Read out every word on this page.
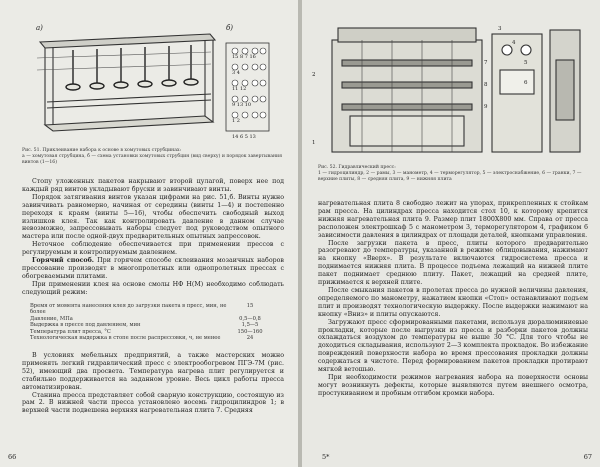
а)	б)
15 8 7 16
3 4
11 12
9 13 10
1 2
14 6 5 13
Рис. 51. Приклеивание набора к основе в хомутовых струбцинах:
а — хомутовая струбцина, б — схема установки хомутовых струбцин (вид сверху) и порядок завертывания винтов (1—16)

Стопу уложенных пакетов накрывают второй цулагой, поверх нее под каждый ряд винтов укладывают бруски и завинчивают винты.

Порядок затягивания винтов указан цифрами на рис. 51,б. Винты нужно завинчивать равномерно, начиная от середины (винты 1—4) и постепенно переходя к краям (винты 5—16), чтобы обеспечить свободный выход излишков клея. Так как контролировать давление в данном случае невозможно, запрессовывать наборы следует под руководством опытного мастера или после одной-двух предварительных опытных запрессовок.

Неточное соблюдение обеспечивается при применении прессов с регулируемым и контролируемым давлением.

Горячий способ. При горячем способе склеивания мозаичных наборов прессование производят в многопролетных или однопролетных прессах с обогреваемыми плитами.

При применении клея на основе смолы НФ Н(М) необходимо соблюдать следующий режим:

Время от момента нанесения клея до загрузки пакета в пресс, мин, не более	15
Давление, МПа	0,5—0,8
Выдержка в прессе под давлением, мин	1,5—5
Температура плит пресса, °С	150—160
Технологическая выдержка в стопе после распрессовки, ч, не менее	24

В условиях мебельных предприятий, а также мастерских можно применять легкий гидравлический пресс с электрообогревом ПГЭ-7М (рис. 52), имеющий два просвета. Температура нагрева плит регулируется и стабильно поддерживается на заданном уровне. Весь цикл работы пресса автоматизирован.

Станина пресса представляет собой сварную конструкцию, состоящую из рам 2. В нижней части пресса установлено восемь гидроцилиндров 1; в верхней части подвешена верхняя нагревательная плита 7. Средняя

66
2
1
3
4
5
6
7
8
9
Рис. 52. Гидравлический пресс:
1 — гидроцилиндр, 2 — рамы, 3 — манометр, 4 — терморегулятор, 5 — электроснабжение, 6 — гранки, 7 — верхние плиты, 8 — средняя плита, 9 — нижняя плита

нагревательная плита 8 свободно лежит на упорах, прикрепленных к стойкам рам пресса. На цилиндрах пресса находится стол 10, к которому крепится нижняя нагревательная плита 9. Размер плит 1800Х800 мм. Справа от пресса расположен электрошкаф 5 с манометром 3, терморегулятором 4, графиком 6 зависимости давления в цилиндрах от площади деталей, кнопками управления.

После загрузки пакета в пресс, плиты которого предварительно разогревают до температуры, указанной в режиме облицовывания, нажимают на кнопку «Вверх». В результате включаются гидросистема пресса и поднимается нижняя плита. В процессе подъема лежащий на нижней плите пакет поднимает среднюю плиту. Пакет, лежащий на средней плите, прижимается к верхней плите.

После смыкания пакетов в пролетах пресса до нужной величины давления, определяемого по манометру, нажатием кнопки «Стоп» останавливают подъем плит и производят технологическую выдержку. После выдержки нажимают на кнопку «Вниз» и плиты опускаются.

Загружают пресс сформированными пакетами, используя дюралюминиевые прокладки, которые после выгрузки из пресса и разборки пакетов должны охлаждаться воздухом до температуры не выше 30 °С. Для того чтобы не доходиться складывания, используют 2—3 комплекта прокладок. Во избежание повреждений поверхности набора во время прессования прокладки должны содержаться в чистоте. Перед формированием пакетов прокладки протирают мягкой ветошью.

При необходимости режимов нагревания набора на поверхности основы могут возникнуть дефекты, которые выявляются путем внешнего осмотра, простукиванием и пробным отгибом кромки набора.

5*	67
